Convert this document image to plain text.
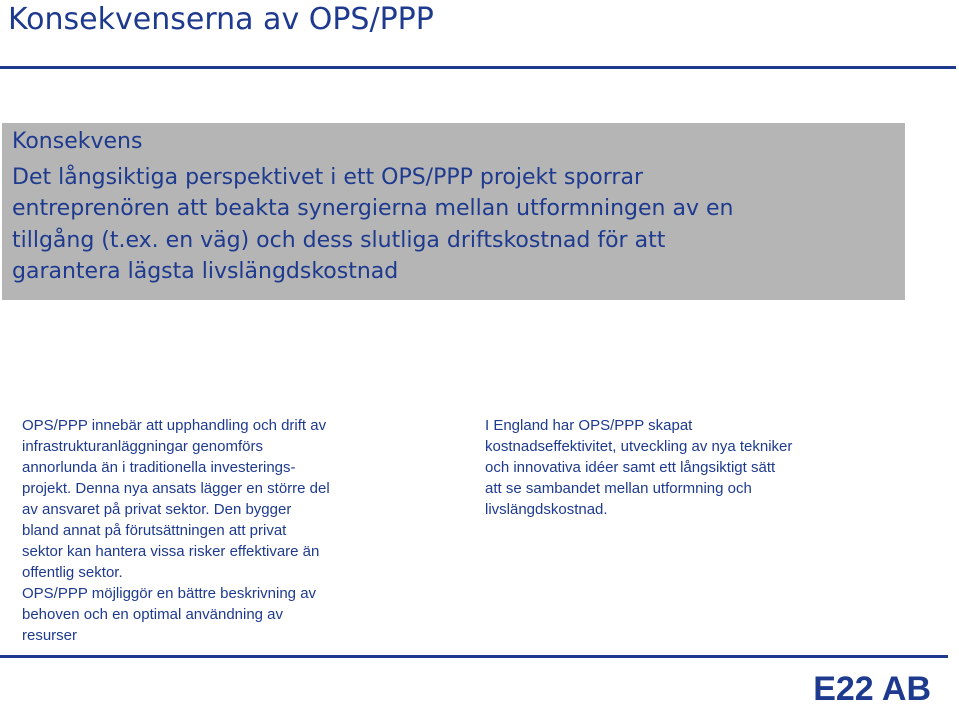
Konsekvenserna av OPS/PPP
Konsekvens
Det långsiktiga perspektivet i ett OPS/PPP projekt sporrar
entreprenören att beakta synergierna mellan utformningen av en
tillgång (t.ex. en väg) och dess slutliga driftskostnad för att
garantera lägsta livslängdskostnad
OPS/PPP innebär att upphandling och drift av
infrastrukturanläggningar genomförs
annorlunda än i traditionella investerings-
projekt. Denna nya ansats lägger en större del
av ansvaret på privat sektor. Den bygger
bland annat på förutsättningen att privat
sektor kan hantera vissa risker effektivare än
offentlig sektor.
OPS/PPP möjliggör en bättre beskrivning av
behoven och en optimal användning av
resurser
I England har OPS/PPP skapat
kostnadseffektivitet, utveckling av nya tekniker
och innovativa idéer samt ett långsiktigt sätt
att se sambandet mellan utformning och
livslängdskostnad.
E22 AB
